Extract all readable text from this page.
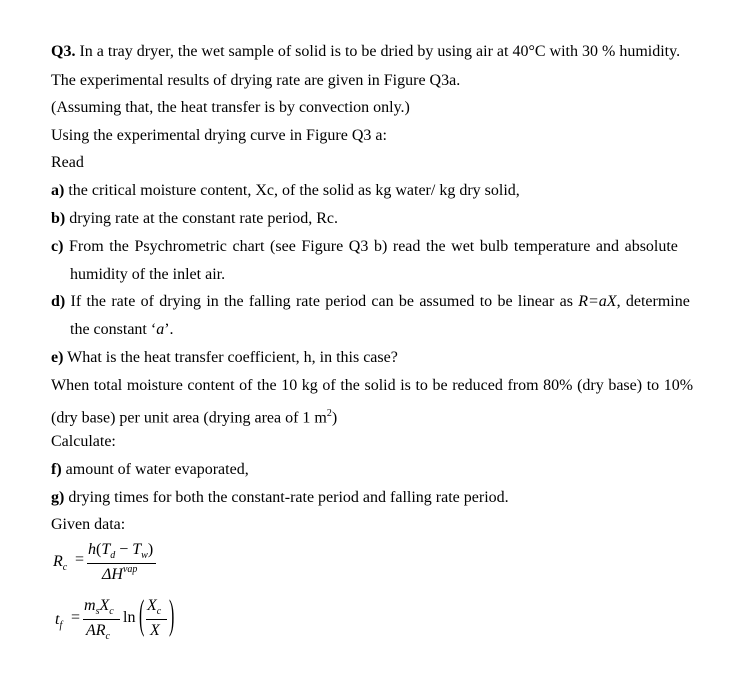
Q3. In a tray dryer, the wet sample of solid is to be dried by using air at 40°C with 30 % humidity.
The experimental results of drying rate are given in Figure Q3a.
(Assuming that, the heat transfer is by convection only.)
Using the experimental drying curve in Figure Q3 a:
Read
a) the critical moisture content, Xc, of the solid as kg water/ kg dry solid,
b) drying rate at the constant rate period, Rc.
c) From the Psychrometric chart (see Figure Q3 b) read the wet bulb temperature and absolute
humidity of the inlet air.
d) If the rate of drying in the falling rate period can be assumed to be linear as R=aX, determine
the constant ‘a’.
e) What is the heat transfer coefficient, h, in this case?
When total moisture content of the 10 kg of the solid is to be reduced from 80% (dry base) to 10%
(dry base) per unit area (drying area of 1 $m^2$)
Calculate:
f) amount of water evaporated,
g) drying times for both the constant-rate period and falling rate period.
Given data:
$R_c$ =
$h(T_d - T_w)$
$\Delta H^{vap}$
$t_f$ =
$m_sX_c$
$AR_c$
ln ( $X_c$
X )
